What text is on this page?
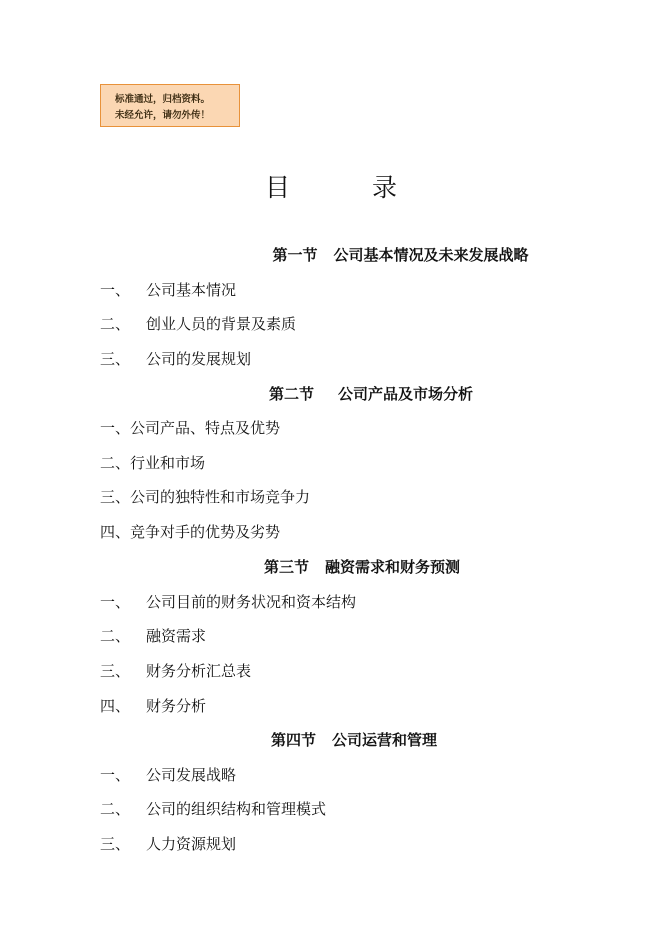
标准通过，归档资料。
未经允许，请勿外传！
目	录
第一节 公司基本情况及未来发展战略
一、 公司基本情况
二、 创业人员的背景及素质
三、 公司的发展规划
第二节 公司产品及市场分析
一、公司产品、特点及优势
二、行业和市场
三、公司的独特性和市场竞争力
四、竞争对手的优势及劣势
第三节 融资需求和财务预测
一、 公司目前的财务状况和资本结构
二、 融资需求
三、 财务分析汇总表
四、 财务分析
第四节 公司运营和管理
一、 公司发展战略
二、 公司的组织结构和管理模式
三、 人力资源规划
